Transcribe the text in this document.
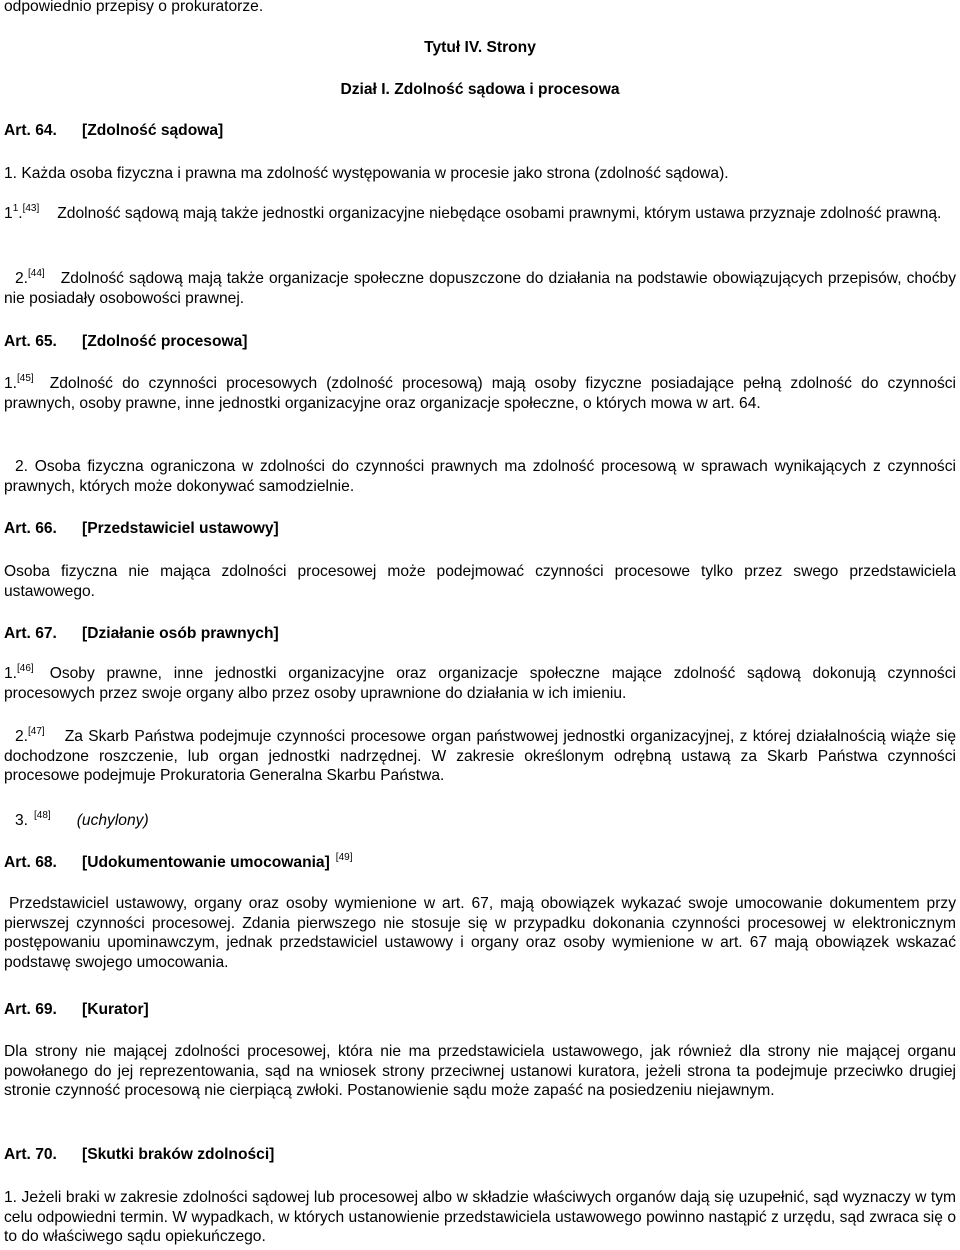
odpowiednio przepisy o prokuratorze.
Tytuł IV. Strony
Dział I. Zdolność sądowa i procesowa
Art. 64. [Zdolność sądowa]
1. Każda osoba fizyczna i prawna ma zdolność występowania w procesie jako strona (zdolność sądowa).
$1^1.[43]$ Zdolność sądową mają także jednostki organizacyjne niebędące osobami prawnymi, którym ustawa przyznaje zdolność prawną.
2.[44] Zdolność sądową mają także organizacje społeczne dopuszczone do działania na podstawie obowiązujących przepisów, choćby nie posiadały osobowości prawnej.
Art. 65. [Zdolność procesowa]
1.[45] Zdolność do czynności procesowych (zdolność procesową) mają osoby fizyczne posiadające pełną zdolność do czynności prawnych, osoby prawne, inne jednostki organizacyjne oraz organizacje społeczne, o których mowa w art. 64.
2. Osoba fizyczna ograniczona w zdolności do czynności prawnych ma zdolność procesową w sprawach wynikających z czynności prawnych, których może dokonywać samodzielnie.
Art. 66. [Przedstawiciel ustawowy]
Osoba fizyczna nie mająca zdolności procesowej może podejmować czynności procesowe tylko przez swego przedstawiciela ustawowego.
Art. 67. [Działanie osób prawnych]
1.[46] Osoby prawne, inne jednostki organizacyjne oraz organizacje społeczne mające zdolność sądową dokonują czynności procesowych przez swoje organy albo przez osoby uprawnione do działania w ich imieniu.
2.[47] Za Skarb Państwa podejmuje czynności procesowe organ państwowej jednostki organizacyjnej, z której działalnością wiąże się dochodzone roszczenie, lub organ jednostki nadrzędnej. W zakresie określonym odrębną ustawą za Skarb Państwa czynności procesowe podejmuje Prokuratoria Generalna Skarbu Państwa.
3. [48] (uchylony)
Art. 68. [Udokumentowanie umocowania] [49]
Przedstawiciel ustawowy, organy oraz osoby wymienione w art. 67, mają obowiązek wykazać swoje umocowanie dokumentem przy pierwszej czynności procesowej. Zdania pierwszego nie stosuje się w przypadku dokonania czynności procesowej w elektronicznym postępowaniu upominawczym, jednak przedstawiciel ustawowy i organy oraz osoby wymienione w art. 67 mają obowiązek wskazać podstawę swojego umocowania.
Art. 69. [Kurator]
Dla strony nie mającej zdolności procesowej, która nie ma przedstawiciela ustawowego, jak również dla strony nie mającej organu powołanego do jej reprezentowania, sąd na wniosek strony przeciwnej ustanowi kuratora, jeżeli strona ta podejmuje przeciwko drugiej stronie czynność procesową nie cierpiącą zwłoki. Postanowienie sądu może zapaść na posiedzeniu niejawnym.
Art. 70. [Skutki braków zdolności]
1. Jeżeli braki w zakresie zdolności sądowej lub procesowej albo w składzie właściwych organów dają się uzupełnić, sąd wyznaczy w tym celu odpowiedni termin. W wypadkach, w których ustanowienie przedstawiciela ustawowego powinno nastąpić z urzędu, sąd zwraca się o to do właściwego sądu opiekuńczego.
